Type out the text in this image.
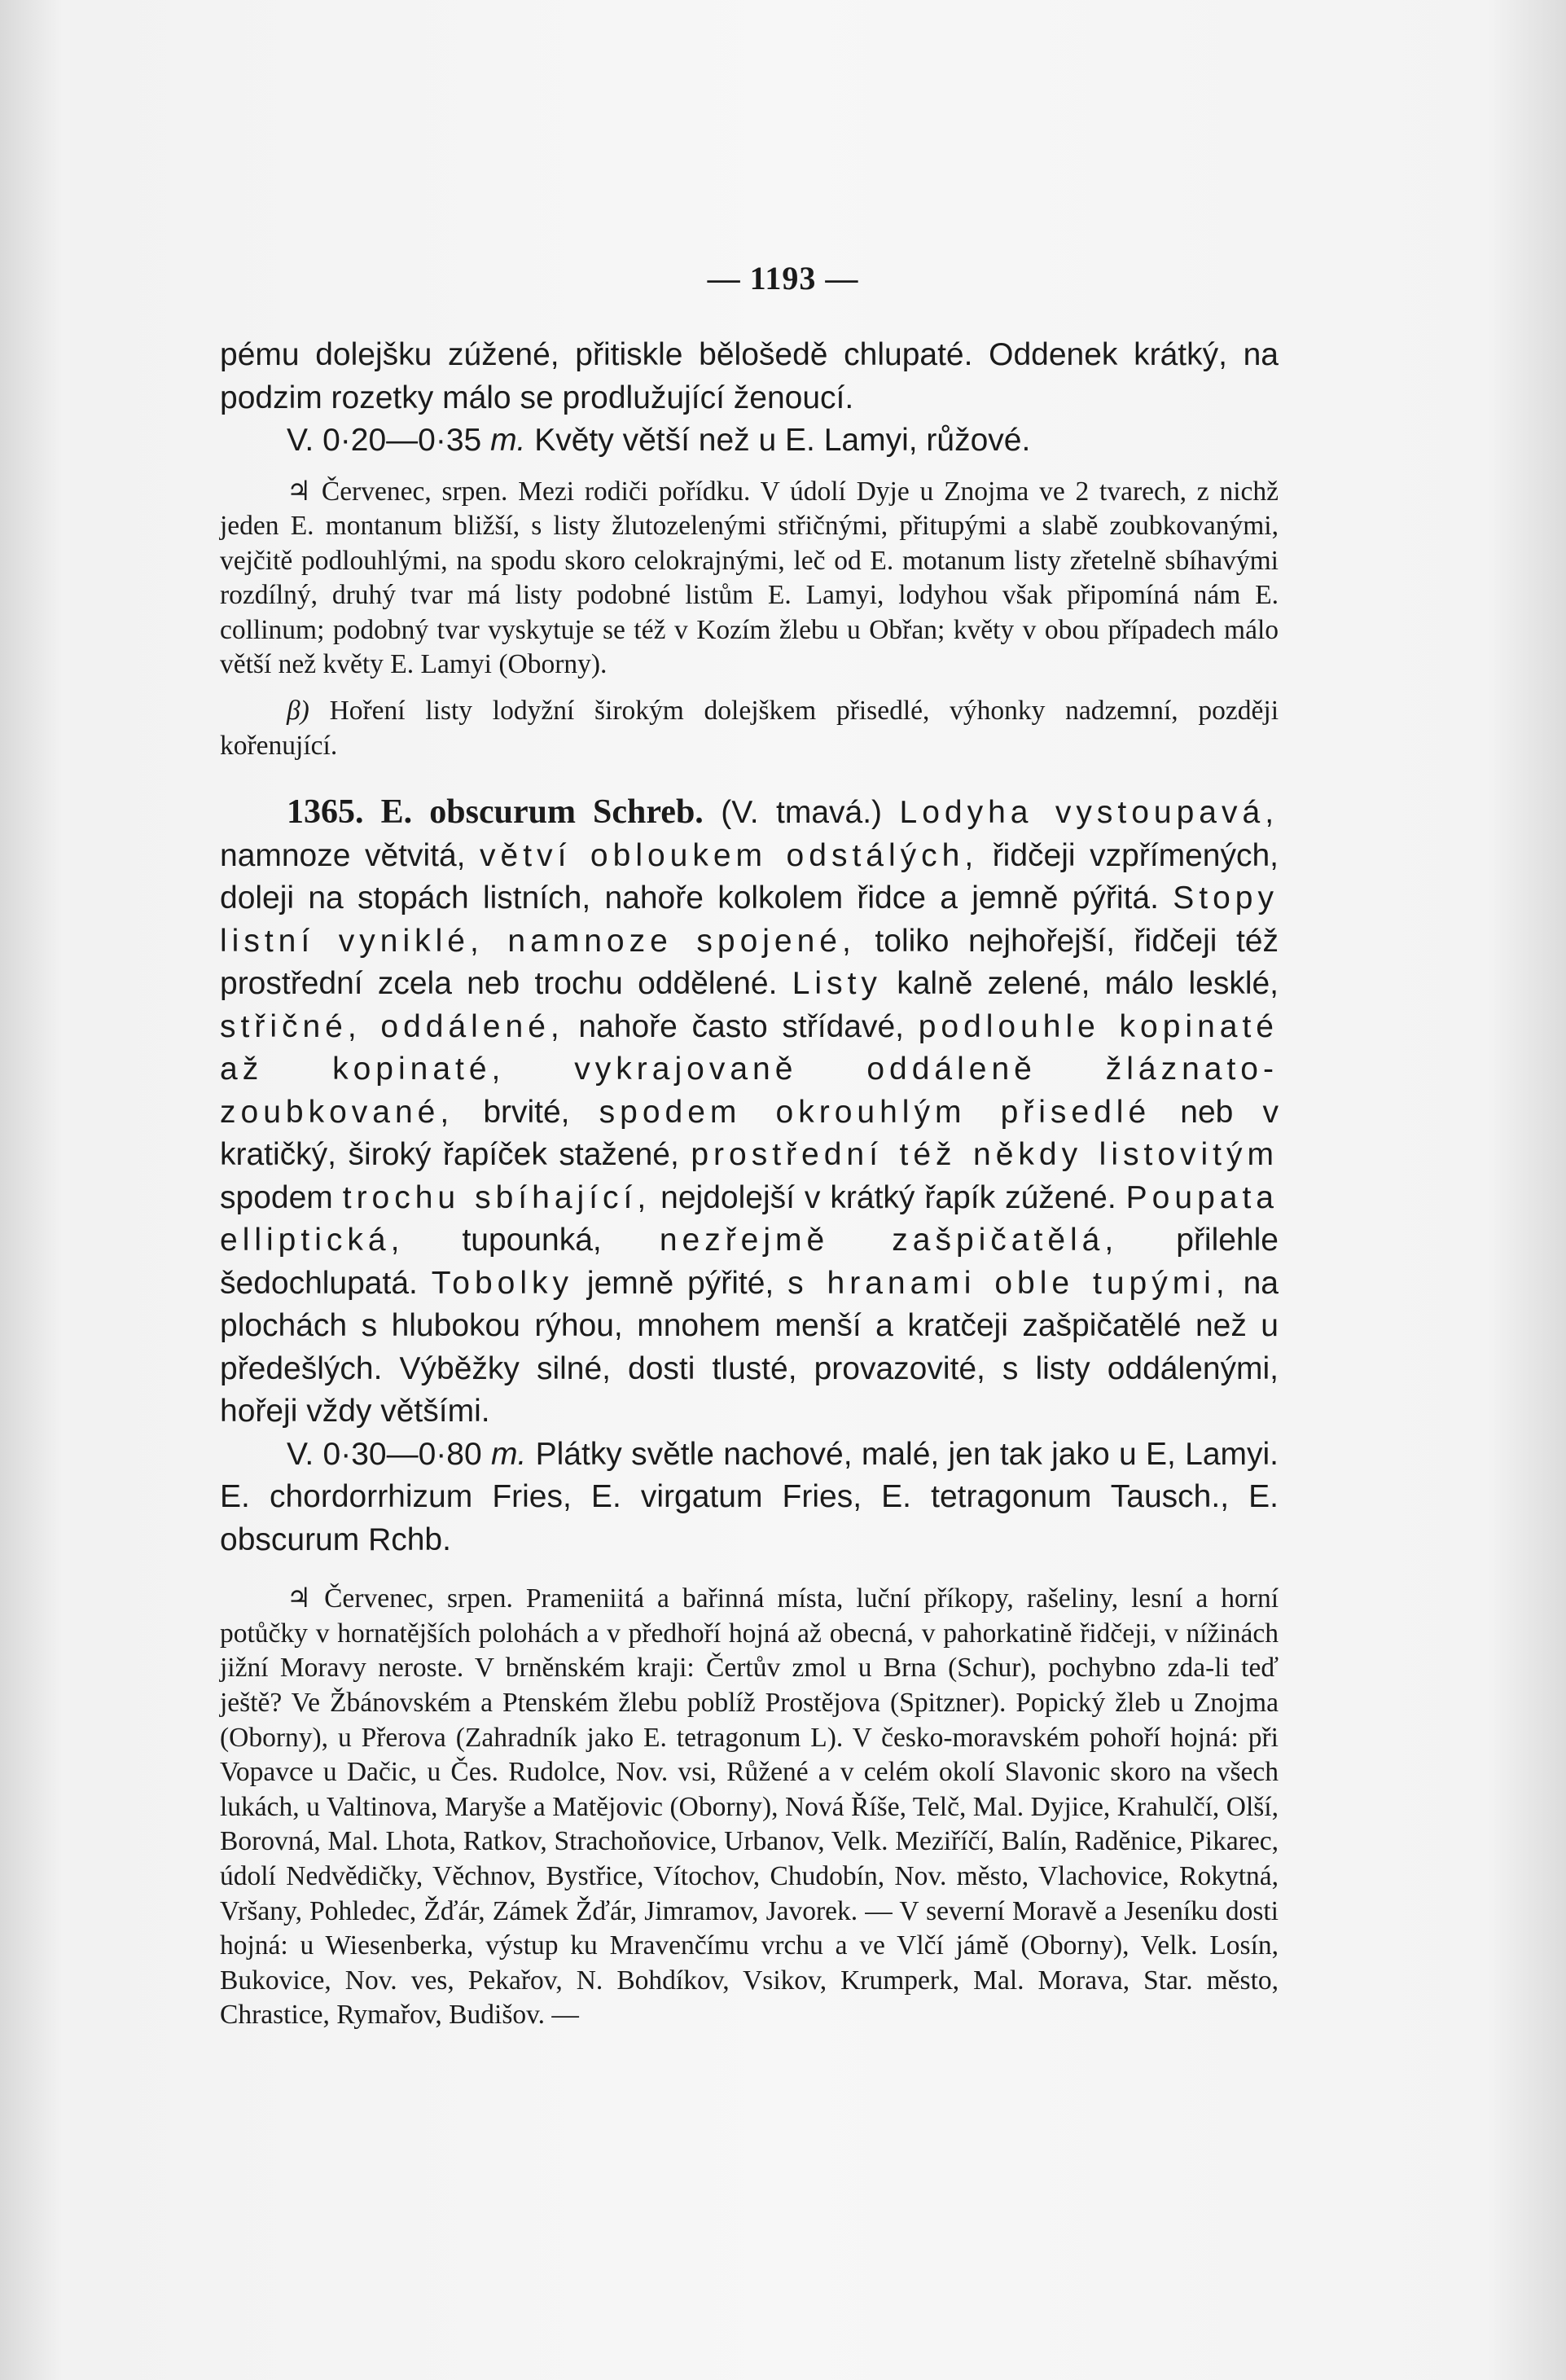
— 1193 —

pému dolejšku zúžené, přitiskle bělošedě chlupaté. Oddenek krátký, na podzim rozetky málo se prodlužující ženoucí.

V. 0·20—0·35 m. Květy větší než u E. Lamyi, růžové.

♃ Červenec, srpen. Mezi rodiči pořídku. V údolí Dyje u Znojma ve 2 tvarech, z nichž jeden E. montanum bližší, s listy žlutozelenými střičnými, přitupými a slabě zoubkovanými, vejčitě podlouhlými, na spodu skoro celokrajnými, leč od E. motanum listy zřetelně sbíhavými rozdílný, druhý tvar má listy podobné listům E. Lamyi, lodyhou však připomíná nám E. collinum; podobný tvar vyskytuje se též v Kozím žlebu u Obřan; květy v obou případech málo větší než květy E. Lamyi (Oborny).

β) Hoření listy lodyžní širokým dolejškem přisedlé, výhonky nadzemní, později kořenující.

1365. E. obscurum Schreb. (V. tmavá.) Lodyha vystoupavá, namnoze větvitá, větví obloukem odstálých, řidčeji vzpřímených, doleji na stopách listních, nahoře kolkolem řidce a jemně pýřitá. Stopy listní vyniklé, namnoze spojené, toliko nejhořejší, řidčeji též prostřední zcela neb trochu oddělené. Listy kalně zelené, málo lesklé, střičné, oddálené, nahoře často střídavé, podlouhle kopinaté až kopinaté, vykrajovaně oddáleně žláznato-zoubkované, brvité, spodem okrouhlým přisedlé neb v kratičký, široký řapíček stažené, prostřední též někdy listovitým spodem trochu sbíhající, nejdolejší v krátký řapík zúžené. Poupata elliptická, tupounká, nezřejmě zašpičatělá, přilehle šedochlupatá. Tobolky jemně pýřité, s hranami oble tupými, na plochách s hlubokou rýhou, mnohem menší a kratčeji zašpičatělé než u předešlých. Výběžky silné, dosti tlusté, provazovité, s listy oddálenými, hořeji vždy většími.

V. 0·30—0·80 m. Plátky světle nachové, malé, jen tak jako u E, Lamyi. E. chordorrhizum Fries, E. virgatum Fries, E. tetragonum Tausch., E. obscurum Rchb.

♃ Červenec, srpen. Prameniitá a bařinná místa, luční příkopy, rašeliny, lesní a horní potůčky v hornatějších polohách a v předhoří hojná až obecná, v pahorkatině řidčeji, v nížinách jižní Moravy neroste. V brněnském kraji: Čertův zmol u Brna (Schur), pochybno zda-li teď ještě? Ve Žbánovském a Ptenském žlebu poblíž Prostějova (Spitzner). Popický žleb u Znojma (Oborny), u Přerova (Zahradník jako E. tetragonum L). V česko-moravském pohoří hojná: při Vopavce u Dačic, u Čes. Rudolce, Nov. vsi, Růžené a v celém okolí Slavonic skoro na všech lukách, u Valtinova, Maryše a Matějovic (Oborny), Nová Říše, Telč, Mal. Dyjice, Krahulčí, Olší, Borovná, Mal. Lhota, Ratkov, Strachoňovice, Urbanov, Velk. Meziříčí, Balín, Raděnice, Pikarec, údolí Nedvědičky, Věchnov, Bystřice, Vítochov, Chudobín, Nov. město, Vlachovice, Rokytná, Vršany, Pohledec, Žďár, Zámek Žďár, Jimramov, Javorek. — V severní Moravě a Jeseníku dosti hojná: u Wiesenberka, výstup ku Mravenčímu vrchu a ve Vlčí jámě (Oborny), Velk. Losín, Bukovice, Nov. ves, Pekařov, N. Bohdíkov, Vsikov, Krumperk, Mal. Morava, Star. město, Chrastice, Rymařov, Budišov. —
